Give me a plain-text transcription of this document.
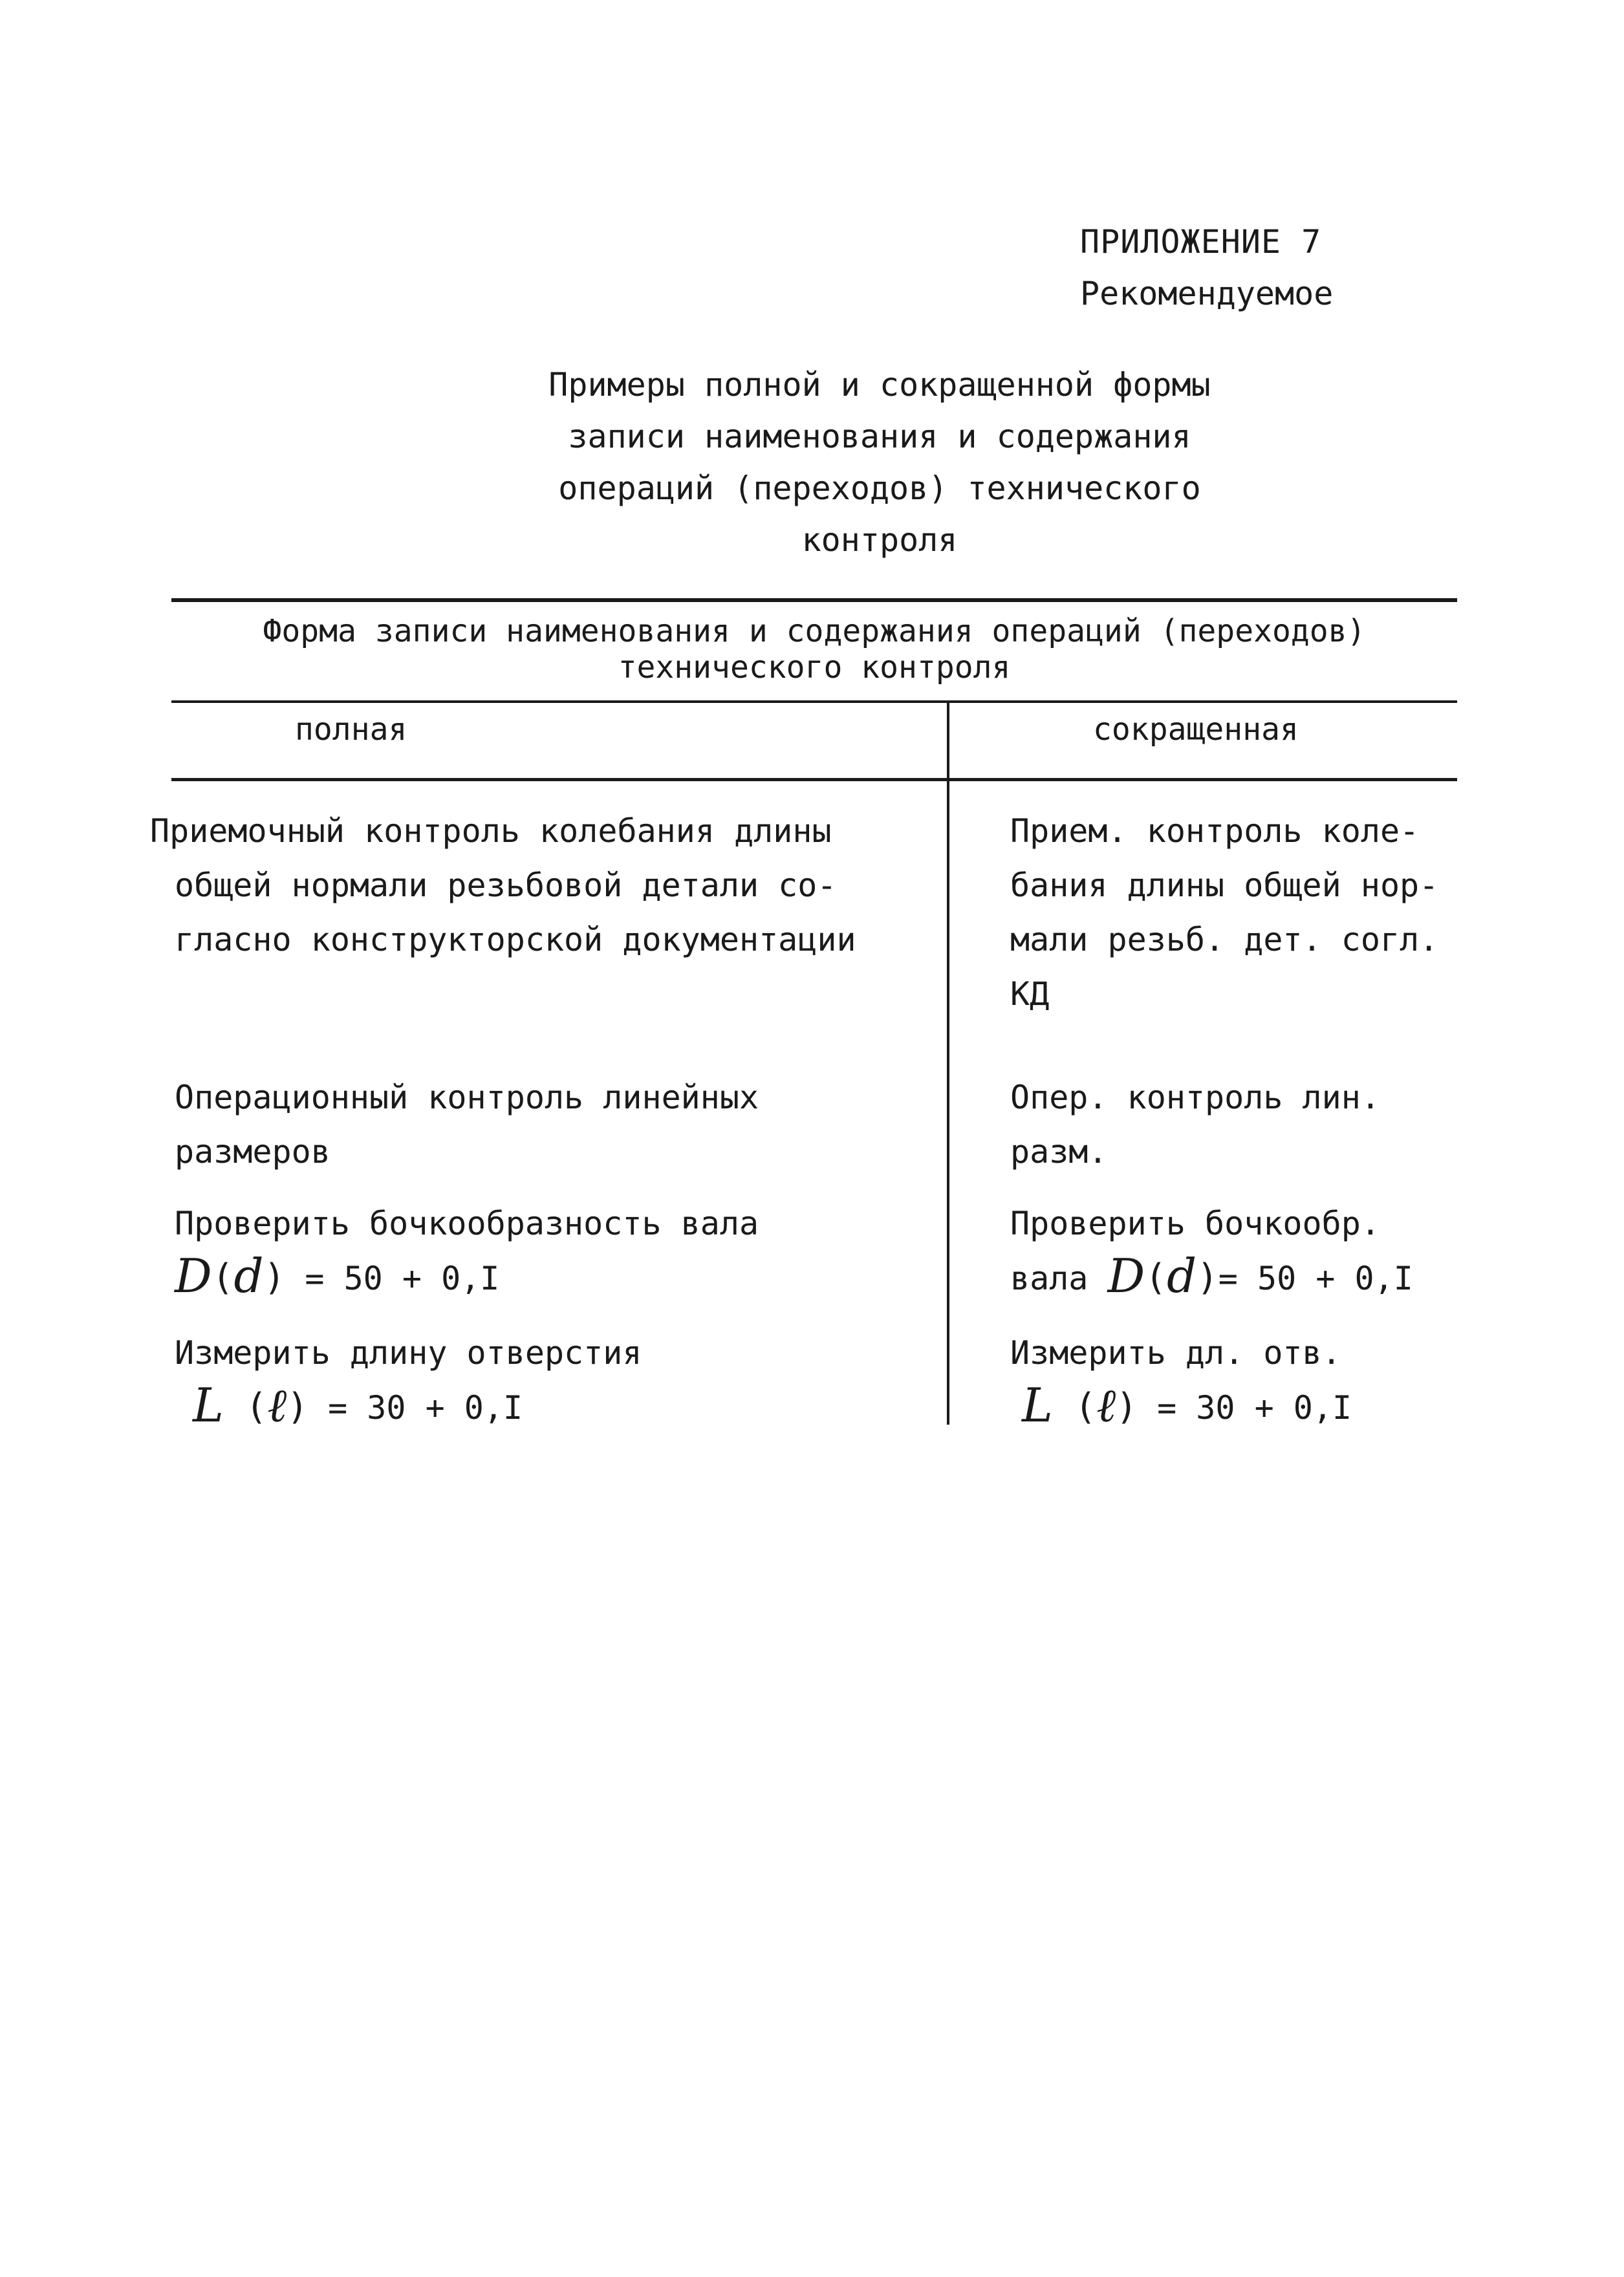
ПРИЛОЖЕНИЕ 7
Рекомендуемое
Примеры полной и сокращенной формы
записи наименования и содержания
операций (переходов) технического
контроля
Форма записи наименования и содержания операций (переходов)
технического контроля
полная	сокращенная
Приемочный контроль колебания длины
общей нормали резьбовой детали со-
гласно конструкторской документации
Прием. контроль коле-
бания длины общей нор-
мали резьб. дет. согл.
КД
Операционный контроль линейных
размеров
Опер. контроль лин.
разм.
Проверить бочкообразность вала
D(d) = 50 + 0,I
Проверить бочкообр.
вала D(d)= 50 + 0,I
Измерить длину отверстия
L (ℓ) = 30 + 0,I
Измерить дл. отв.
L (ℓ) = 30 + 0,I
